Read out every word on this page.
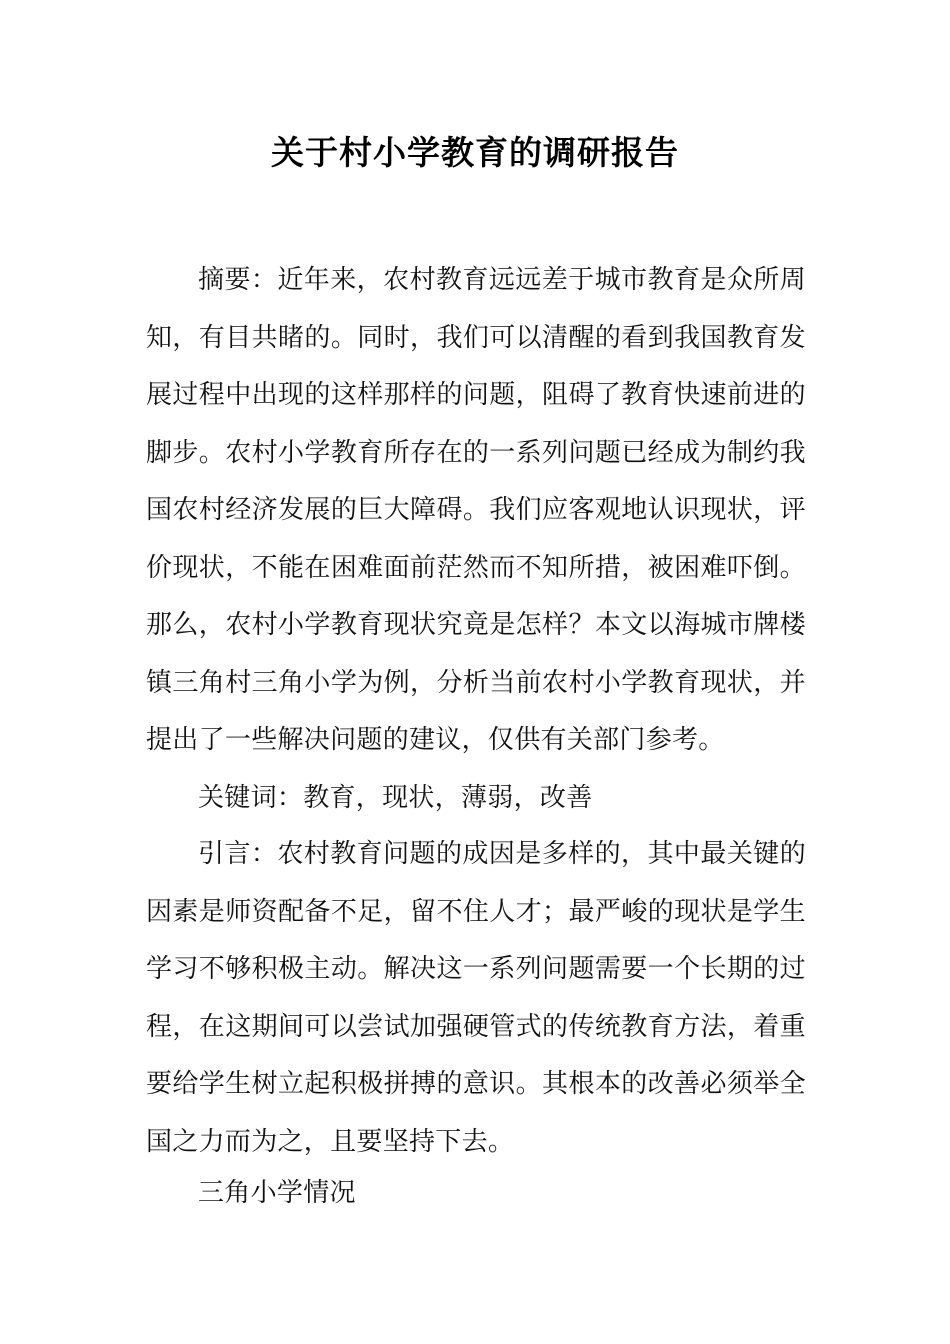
关于村小学教育的调研报告

摘要：近年来，农村教育远远差于城市教育是众所周知，有目共睹的。同时，我们可以清醒的看到我国教育发展过程中出现的这样那样的问题，阻碍了教育快速前进的脚步。农村小学教育所存在的一系列问题已经成为制约我国农村经济发展的巨大障碍。我们应客观地认识现状，评价现状，不能在困难面前茫然而不知所措，被困难吓倒。那么，农村小学教育现状究竟是怎样？本文以海城市牌楼镇三角村三角小学为例，分析当前农村小学教育现状，并提出了一些解决问题的建议，仅供有关部门参考。

关键词：教育，现状，薄弱，改善

引言：农村教育问题的成因是多样的，其中最关键的因素是师资配备不足，留不住人才；最严峻的现状是学生学习不够积极主动。解决这一系列问题需要一个长期的过程，在这期间可以尝试加强硬管式的传统教育方法，着重要给学生树立起积极拼搏的意识。其根本的改善必须举全国之力而为之，且要坚持下去。

三角小学情况
